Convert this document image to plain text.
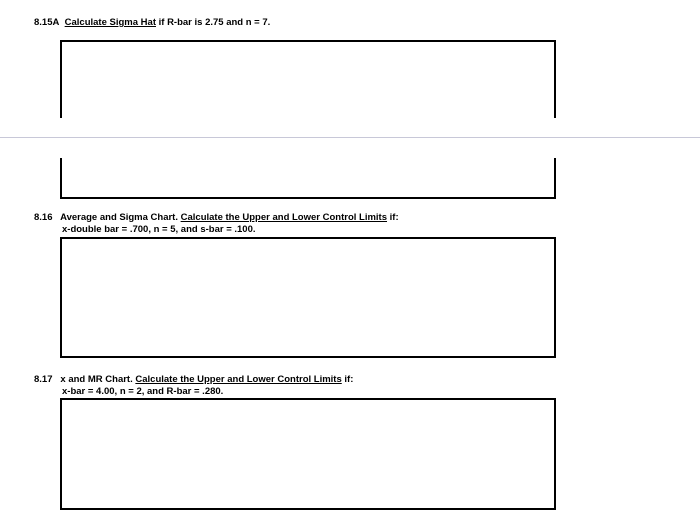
8.15A Calculate Sigma Hat if R-bar is 2.75 and n = 7.
8.16 Average and Sigma Chart. Calculate the Upper and Lower Control Limits if:
x-double bar = .700, n = 5, and s-bar = .100.
8.17 x and MR Chart. Calculate the Upper and Lower Control Limits if:
x-bar = 4.00, n = 2, and R-bar = .280.
